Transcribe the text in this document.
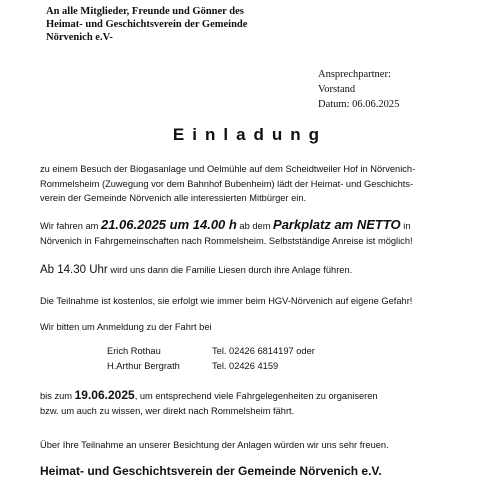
An alle Mitglieder, Freunde und Gönner des
Heimat- und Geschichtsverein der Gemeinde
Nörvenich e.V-
Ansprechpartner:
Vorstand
Datum: 06.06.2025
Einladung
zu einem Besuch der Biogasanlage und Oelmühle auf dem Scheidtweiler Hof in Nörvenich-
Rommelsheim (Zuwegung vor dem Bahnhof Bubenheim) lädt der Heimat- und Geschichts-
verein der Gemeinde Nörvenich alle interessierten Mitbürger ein.
Wir fahren am 21.06.2025 um 14.00 h ab dem Parkplatz am NETTO in
Nörvenich in Fahrgemeinschaften nach Rommelsheim. Selbstständige Anreise ist möglich!
Ab 14.30 Uhr wird uns dann die Familie Liesen durch ihre Anlage führen.
Die Teilnahme ist kostenlos, sie erfolgt wie immer beim HGV-Nörvenich auf eigene Gefahr!
Wir bitten um Anmeldung zu der Fahrt bei
Erich Rothau	Tel. 02426 6814197 oder
H.Arthur Bergrath	Tel. 02426 4159
bis zum 19.06.2025, um entsprechend viele Fahrgelegenheiten zu organiseren
bzw. um auch zu wissen, wer direkt nach Rommelsheim fährt.
Über Ihre Teilnahme an unserer Besichtung der Anlagen würden wir uns sehr freuen.
Heimat- und Geschichtsverein der Gemeinde Nörvenich e.V.
